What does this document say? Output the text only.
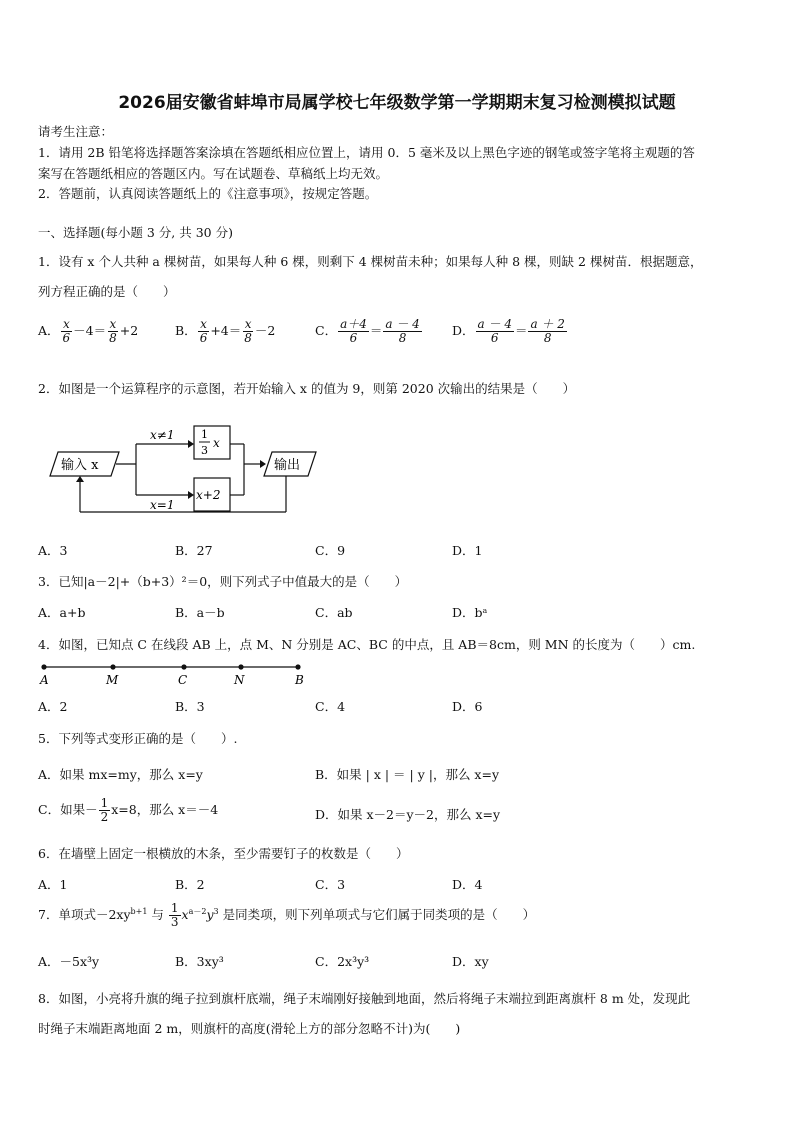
2026届安徽省蚌埠市局属学校七年级数学第一学期期末复习检测模拟试题
请考生注意：
1．请用 2B 铅笔将选择题答案涂填在答题纸相应位置上，请用 0．5 毫米及以上黑色字迹的钢笔或签字笔将主观题的答
案写在答题纸相应的答题区内。写在试题卷、草稿纸上均无效。
2．答题前，认真阅读答题纸上的《注意事项》，按规定答题。
一、选择题(每小题 3 分, 共 30 分)
1．设有 x 个人共种 a 棵树苗，如果每人种 6 棵，则剩下 4 棵树苗未种；如果每人种 8 棵，则缺 2 棵树苗．根据题意，
列方程正确的是（　　）
A． $\frac{x}{6} -4= \frac{x}{8} +2$	B． $\frac{x}{6} +4= \frac{x}{8} -2$	C． $\frac{a+4}{6} = \frac{a - 4}{8}$ D． $\frac{a - 4}{6} = \frac{a + 2}{8}$
2．如图是一个运算程序的示意图，若开始输入 x 的值为 9，则第 2020 次输出的结果是（　　）
输入 x
x≠1
x=1
1
3
x
x+2
输出
A．3	B．27	C．9	D．1
3．已知|a－2|+（b+3）²＝0，则下列式子中值最大的是（　　）
A．a+b	B．a－b	C．ab	D．bᵃ
4．如图，已知点 C 在线段 AB 上，点 M、N 分别是 AC、BC 的中点，且 AB＝8cm，则 MN 的长度为（　　）cm.
A	M	C	N	B
A．2	B．3	C．4	D．6
5．下列等式变形正确的是（　　）.
A．如果 mx=my，那么 x=y	B．如果 | x | ＝ | y |，那么 x=y
C．如果－ $\frac{1}{2} x=8$，那么 x＝－4	D．如果 x－2＝y－2，那么 x=y
6．在墙壁上固定一根横放的木条，至少需要钉子的枚数是（　　）
A．1	B．2	C．3	D．4
7．单项式$-2xy^{b+1}$ 与 $\frac{1}{3} x^{a-2}y^3$ 是同类项，则下列单项式与它们属于同类项的是（　　）
A．－5x³y	B．3xy³	C．2x³y³	D．xy
8．如图，小亮将升旗的绳子拉到旗杆底端，绳子末端刚好接触到地面，然后将绳子末端拉到距离旗杆 8 m 处，发现此
时绳子末端距离地面 2 m，则旗杆的高度(滑轮上方的部分忽略不计)为(　　)
